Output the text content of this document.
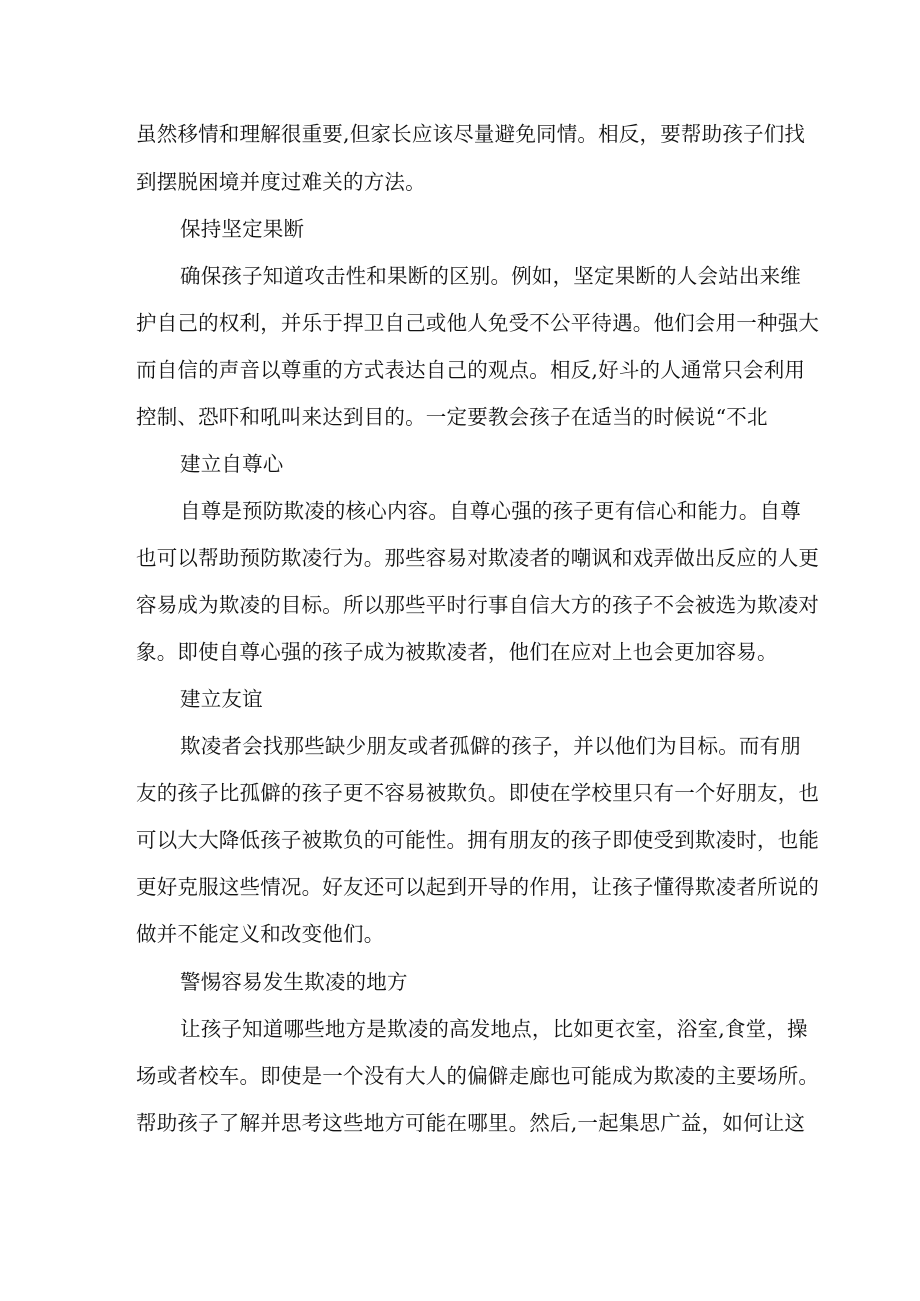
虽然移情和理解很重要,但家长应该尽量避免同情。相反，要帮助孩子们找
到摆脱困境并度过难关的方法。
保持坚定果断
确保孩子知道攻击性和果断的区别。例如，坚定果断的人会站出来维
护自己的权利，并乐于捍卫自己或他人免受不公平待遇。他们会用一种强大
而自信的声音以尊重的方式表达自己的观点。相反,好斗的人通常只会利用
控制、恐吓和吼叫来达到目的。一定要教会孩子在适当的时候说“不北
建立自尊心
自尊是预防欺凌的核心内容。自尊心强的孩子更有信心和能力。自尊
也可以帮助预防欺凌行为。那些容易对欺凌者的嘲讽和戏弄做出反应的人更
容易成为欺凌的目标。所以那些平时行事自信大方的孩子不会被选为欺凌对
象。即使自尊心强的孩子成为被欺凌者，他们在应对上也会更加容易。
建立友谊
欺凌者会找那些缺少朋友或者孤僻的孩子，并以他们为目标。而有朋
友的孩子比孤僻的孩子更不容易被欺负。即使在学校里只有一个好朋友，也
可以大大降低孩子被欺负的可能性。拥有朋友的孩子即使受到欺凌时，也能
更好克服这些情况。好友还可以起到开导的作用，让孩子懂得欺凌者所说的
做并不能定义和改变他们。
警惕容易发生欺凌的地方
让孩子知道哪些地方是欺凌的高发地点，比如更衣室，浴室,食堂，操
场或者校车。即使是一个没有大人的偏僻走廊也可能成为欺凌的主要场所。
帮助孩子了解并思考这些地方可能在哪里。然后,一起集思广益，如何让这
